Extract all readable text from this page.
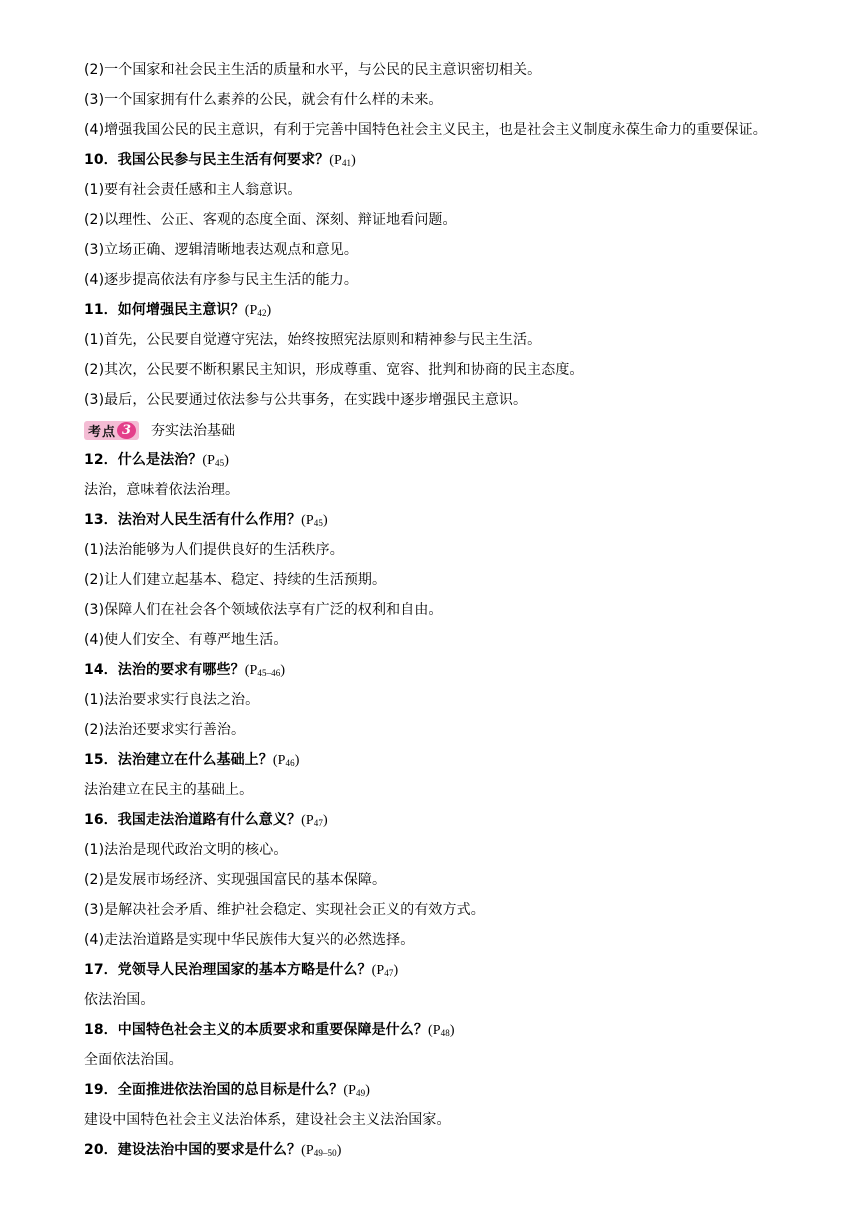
(2)一个国家和社会民主生活的质量和水平，与公民的民主意识密切相关。
(3)一个国家拥有什么素养的公民，就会有什么样的未来。
(4)增强我国公民的民主意识，有利于完善中国特色社会主义民主，也是社会主义制度永葆生命力的重要保证。
10．我国公民参与民主生活有何要求？$(P_{41})$
(1)要有社会责任感和主人翁意识。
(2)以理性、公正、客观的态度全面、深刻、辩证地看问题。
(3)立场正确、逻辑清晰地表达观点和意见。
(4)逐步提高依法有序参与民主生活的能力。
11．如何增强民主意识？$(P_{42})$
(1)首先，公民要自觉遵守宪法，始终按照宪法原则和精神参与民主生活。
(2)其次，公民要不断积累民主知识，形成尊重、宽容、批判和协商的民主态度。
(3)最后，公民要通过依法参与公共事务，在实践中逐步增强民主意识。
考点 3	夯实法治基础
12．什么是法治？$(P_{45})$
法治，意味着依法治理。
13．法治对人民生活有什么作用？$(P_{45})$
(1)法治能够为人们提供良好的生活秩序。
(2)让人们建立起基本、稳定、持续的生活预期。
(3)保障人们在社会各个领域依法享有广泛的权利和自由。
(4)使人们安全、有尊严地生活。
14．法治的要求有哪些？$(P_{45-46})$
(1)法治要求实行良法之治。
(2)法治还要求实行善治。
15．法治建立在什么基础上？$(P_{46})$
法治建立在民主的基础上。
16．我国走法治道路有什么意义？$(P_{47})$
(1)法治是现代政治文明的核心。
(2)是发展市场经济、实现强国富民的基本保障。
(3)是解决社会矛盾、维护社会稳定、实现社会正义的有效方式。
(4)走法治道路是实现中华民族伟大复兴的必然选择。
17．党领导人民治理国家的基本方略是什么？$(P_{47})$
依法治国。
18．中国特色社会主义的本质要求和重要保障是什么？$(P_{48})$
全面依法治国。
19．全面推进依法治国的总目标是什么？$(P_{49})$
建设中国特色社会主义法治体系，建设社会主义法治国家。
20．建设法治中国的要求是什么？$(P_{49-50})$
